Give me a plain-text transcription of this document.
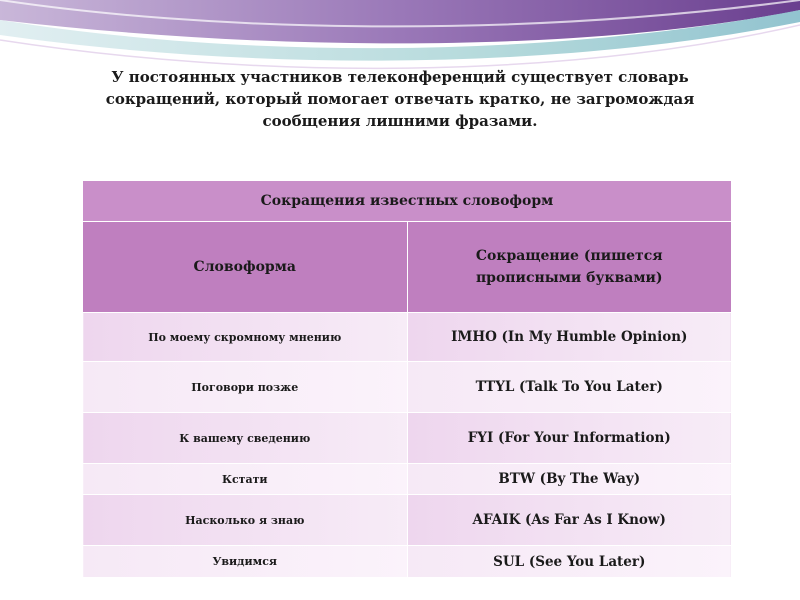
У постоянных участников телеконференций существует словарь
сокращений, который помогает отвечать кратко, не загромождая
сообщения лишними фразами.
Сокращения известных словоформ	
Словоформа	Сокращение (пишется
прописными буквами)

По моему скромному мнению	IMHO (In My Humble Opinion)
Поговори позже	TTYL (Talk To You Later)
К вашему сведению	FYI (For Your Information)
Кстати	BTW (By The Way)
Насколько я знаю	AFAIK (As Far As I Know)
Увидимся	SUL (See You Later)
